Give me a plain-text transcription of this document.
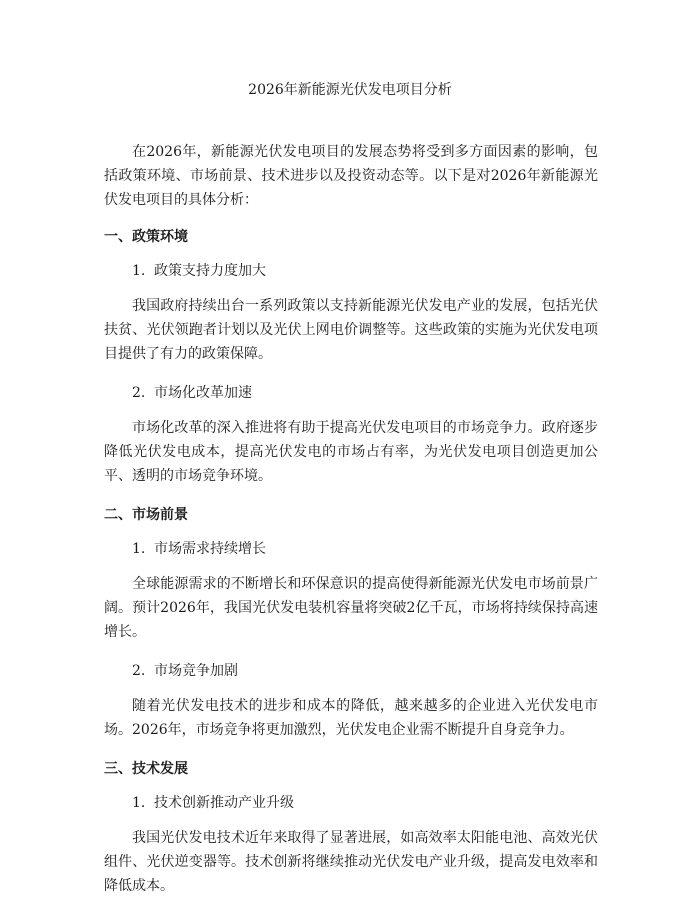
2026年新能源光伏发电项目分析

在2026年，新能源光伏发电项目的发展态势将受到多方面因素的影响，包括政策环境、市场前景、技术进步以及投资动态等。以下是对2026年新能源光伏发电项目的具体分析：

一、政策环境
1. 政策支持力度加大

我国政府持续出台一系列政策以支持新能源光伏发电产业的发展，包括光伏扶贫、光伏领跑者计划以及光伏上网电价调整等。这些政策的实施为光伏发电项目提供了有力的政策保障。

2. 市场化改革加速

市场化改革的深入推进将有助于提高光伏发电项目的市场竞争力。政府逐步降低光伏发电成本，提高光伏发电的市场占有率，为光伏发电项目创造更加公平、透明的市场竞争环境。

二、市场前景
1. 市场需求持续增长

全球能源需求的不断增长和环保意识的提高使得新能源光伏发电市场前景广阔。预计2026年，我国光伏发电装机容量将突破2亿千瓦，市场将持续保持高速增长。

2. 市场竞争加剧

随着光伏发电技术的进步和成本的降低，越来越多的企业进入光伏发电市场。2026年，市场竞争将更加激烈，光伏发电企业需不断提升自身竞争力。

三、技术发展
1. 技术创新推动产业升级

我国光伏发电技术近年来取得了显著进展，如高效率太阳能电池、高效光伏组件、光伏逆变器等。技术创新将继续推动光伏发电产业升级，提高发电效率和降低成本。
